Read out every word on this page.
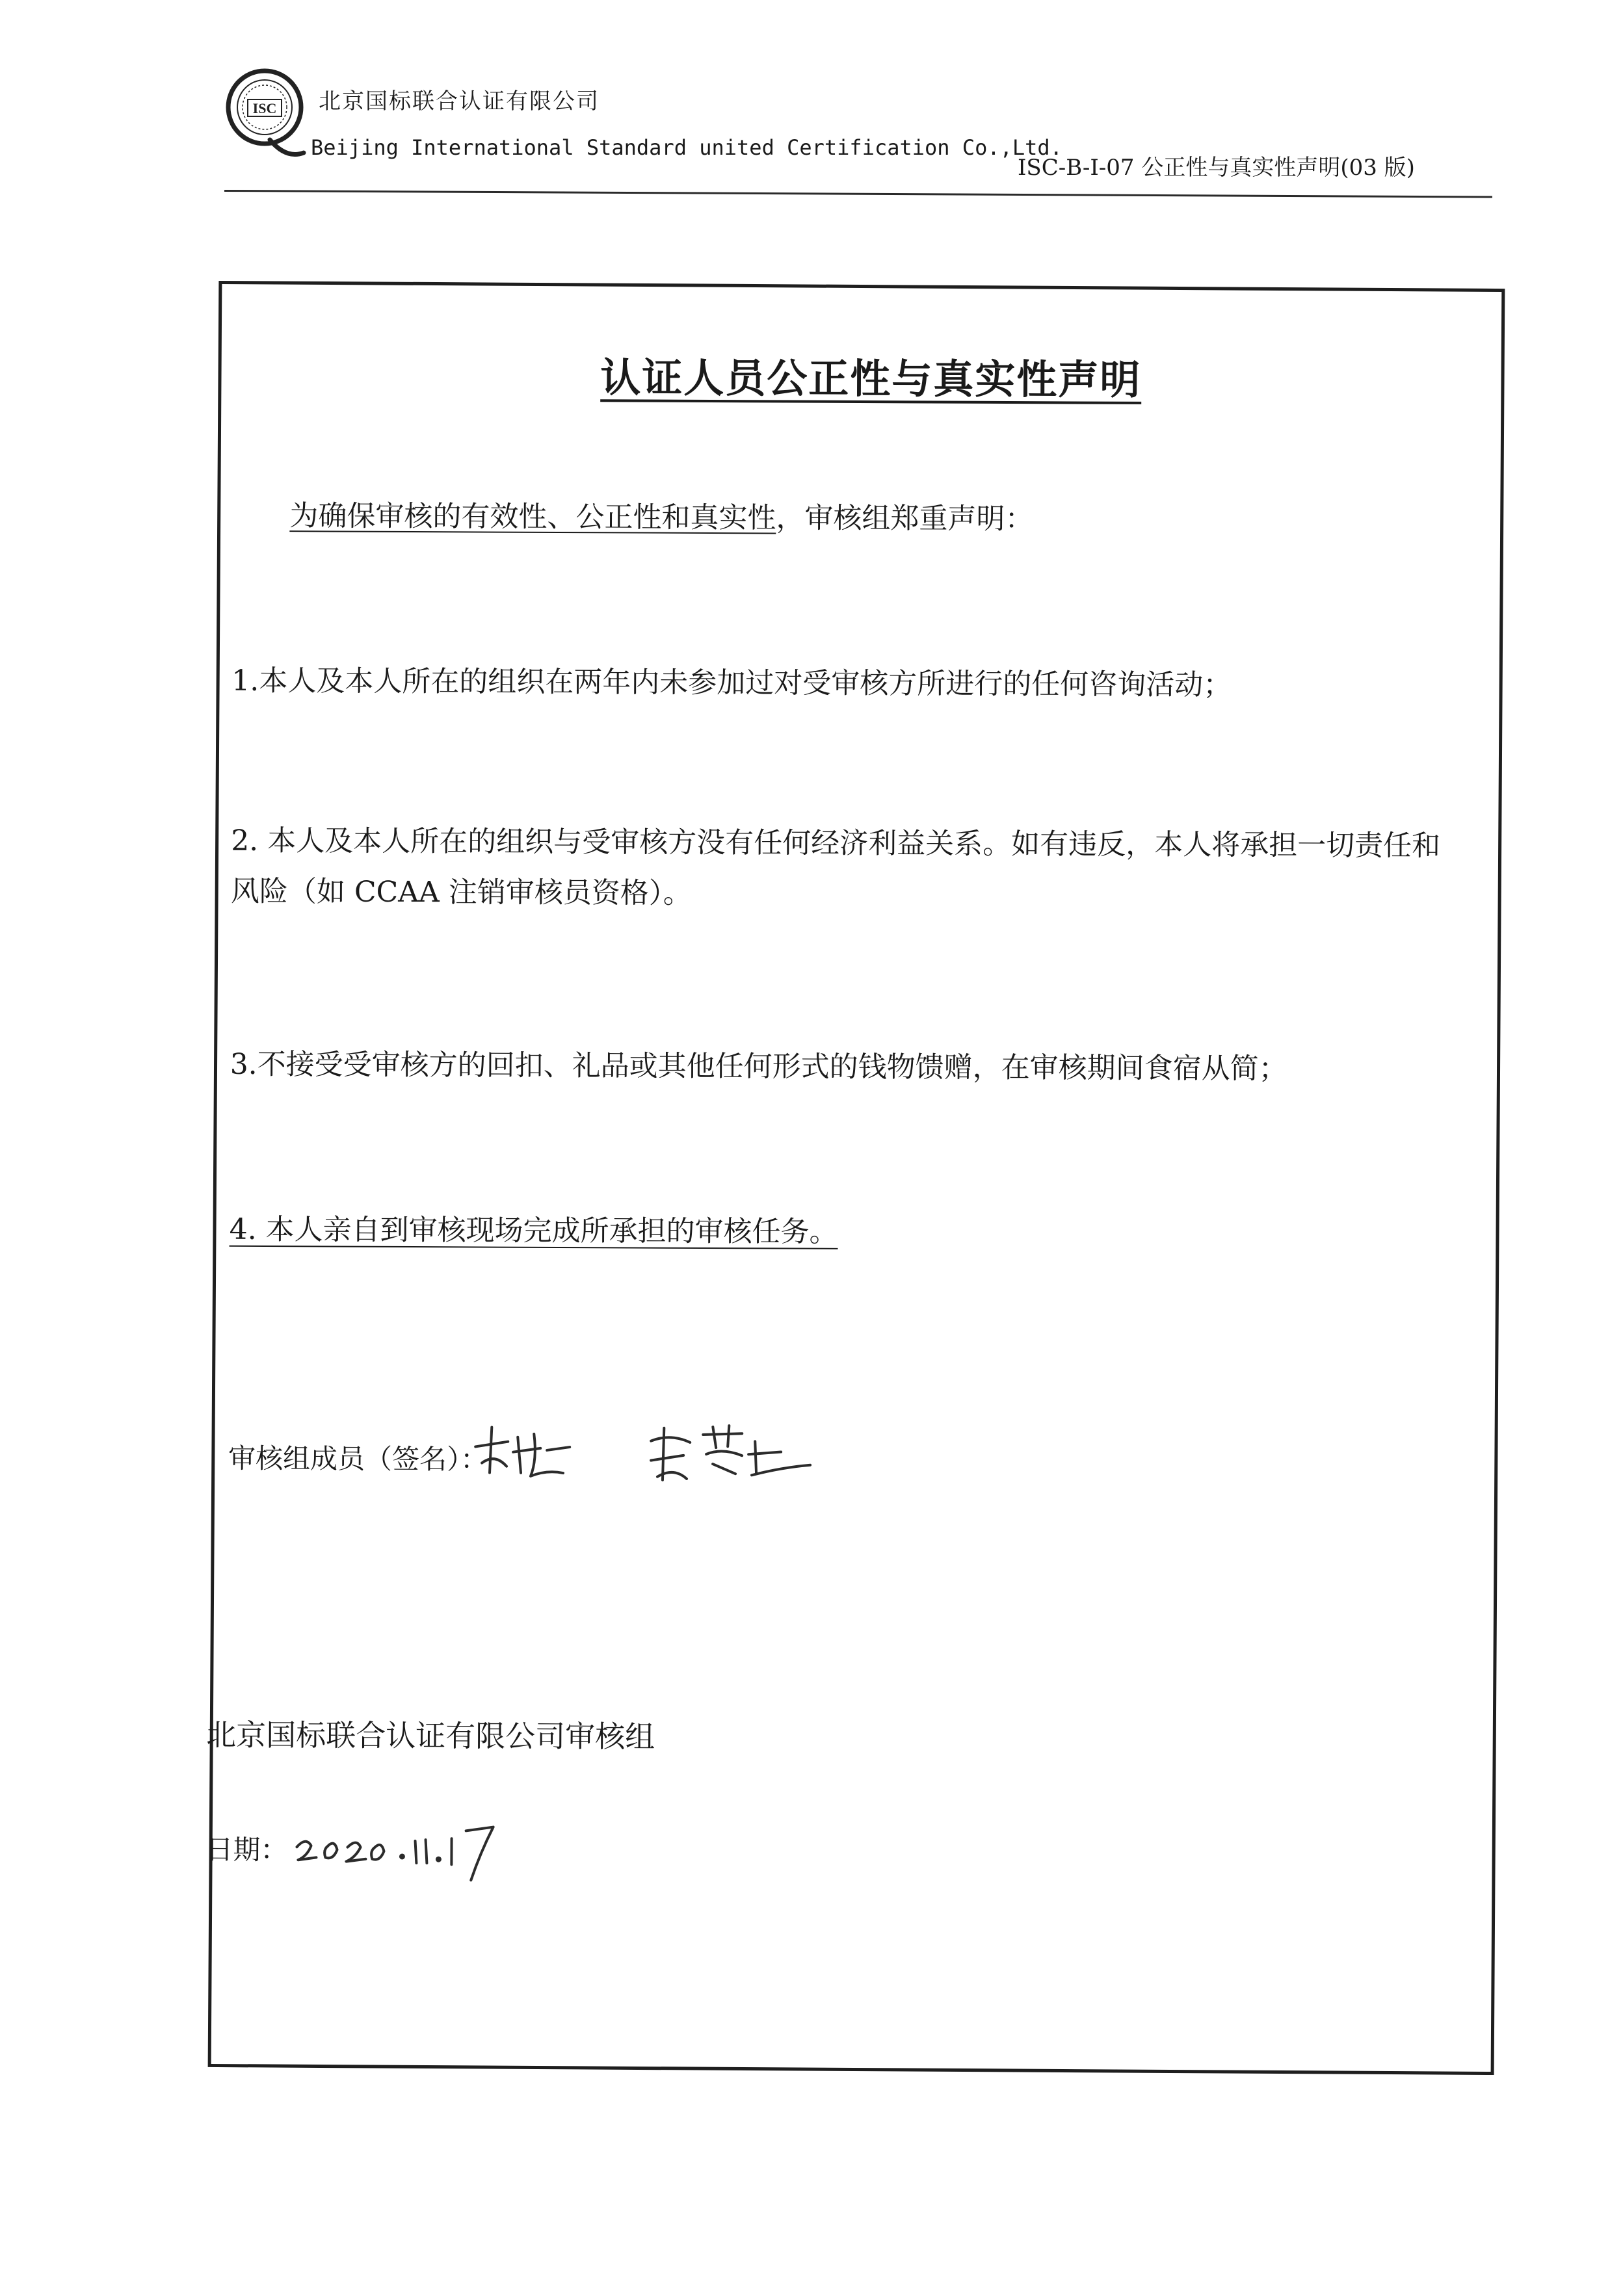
ISC 北京国标联合认证有限公司
Beijing International Standard united Certification Co.,Ltd.
ISC-B-I-07 公正性与真实性声明(03 版)
认证人员公正性与真实性声明
为确保审核的有效性、公正性和真实性，审核组郑重声明：
1.本人及本人所在的组织在两年内未参加过对受审核方所进行的任何咨询活动；
2. 本人及本人所在的组织与受审核方没有任何经济利益关系。如有违反，本人将承担一切责任和风险（如 CCAA 注销审核员资格）。
3.不接受受审核方的回扣、礼品或其他任何形式的钱物馈赠，在审核期间食宿从简；
4. 本人亲自到审核现场完成所承担的审核任务。
审核组成员（签名）：
北京国标联合认证有限公司审核组
日期：
